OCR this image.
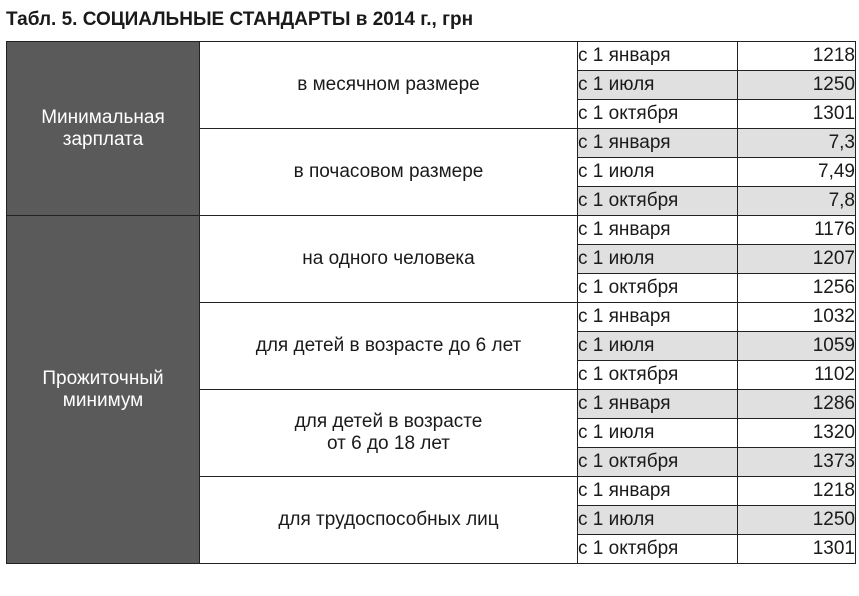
Табл. 5. СОЦИАЛЬНЫЕ СТАНДАРТЫ в 2014 г., грн
Минимальная
зарплата	в месячном размере	с 1 января	1218
		с 1 июля	1250
		с 1 октября	1301
	в почасовом размере	с 1 января	7,3
		с 1 июля	7,49
		с 1 октября	7,8

Прожиточный
минимум	на одного человека	с 1 января	1176
		с 1 июля	1207
		с 1 октября	1256
	для детей в возрасте до 6 лет	с 1 января	1032
		с 1 июля	1059
		с 1 октября	1102
	для детей в возрасте
от 6 до 18 лет	с 1 января	1286
		с 1 июля	1320
		с 1 октября	1373
	для трудоспособных лиц	с 1 января	1218
		с 1 июля	1250
		с 1 октября	1301
